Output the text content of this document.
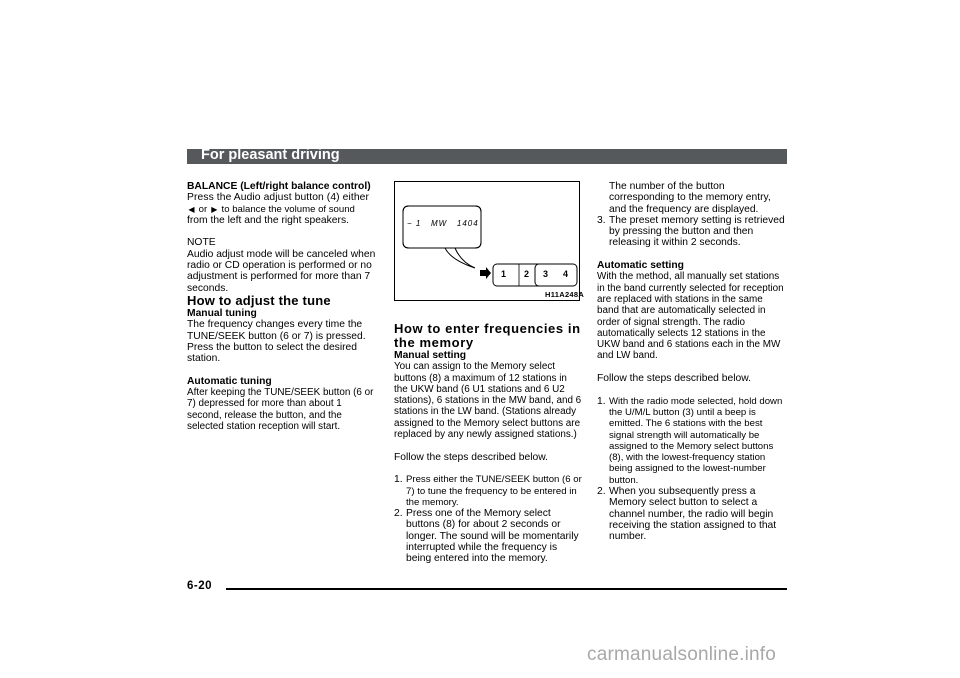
For pleasant driving

BALANCE (Left/right balance control)

Press the Audio adjust button (4) either

◀ or ▶ to balance the volume of sound

from the left and the right speakers.

NOTE

Audio adjust mode will be canceled when radio or CD operation is performed or no adjustment is performed for more than 7 seconds.

How to adjust the tune

Manual tuning

The frequency changes every time the TUNE/SEEK button (6 or 7) is pressed. Press the button to select the desired station.

Automatic tuning

After keeping the TUNE/SEEK button (6 or 7) depressed for more than about 1 second, release the button, and the selected station reception will start.

− 1   MW   1404
1 2 3 4
H11A248A

How to enter frequencies in the memory

Manual setting

You can assign to the Memory select buttons (8) a maximum of 12 stations in the UKW band (6 U1 stations and 6 U2 stations), 6 stations in the MW band, and 6 stations in the LW band. (Stations already assigned to the Memory select buttons are replaced by any newly assigned stations.)

Follow the steps described below.

1. Press either the TUNE/SEEK button (6 or 7) to tune the frequency to be entered in the memory.

2. Press one of the Memory select buttons (8) for about 2 seconds or longer. The sound will be momentarily interrupted while the frequency is being entered into the memory.

The number of the button corresponding to the memory entry, and the frequency are displayed.

3. The preset memory setting is retrieved by pressing the button and then releasing it within 2 seconds.

Automatic setting

With the method, all manually set stations in the band currently selected for reception are replaced with stations in the same band that are automatically selected in order of signal strength. The radio automatically selects 12 stations in the UKW band and 6 stations each in the MW and LW band.

Follow the steps described below.

1. With the radio mode selected, hold down the U/M/L button (3) until a beep is emitted. The 6 stations with the best signal strength will automatically be assigned to the Memory select buttons (8), with the lowest-frequency station being assigned to the lowest-number button.

2. When you subsequently press a Memory select button to select a channel number, the radio will begin receiving the station assigned to that number.

6-20
carmanualsonline.info
